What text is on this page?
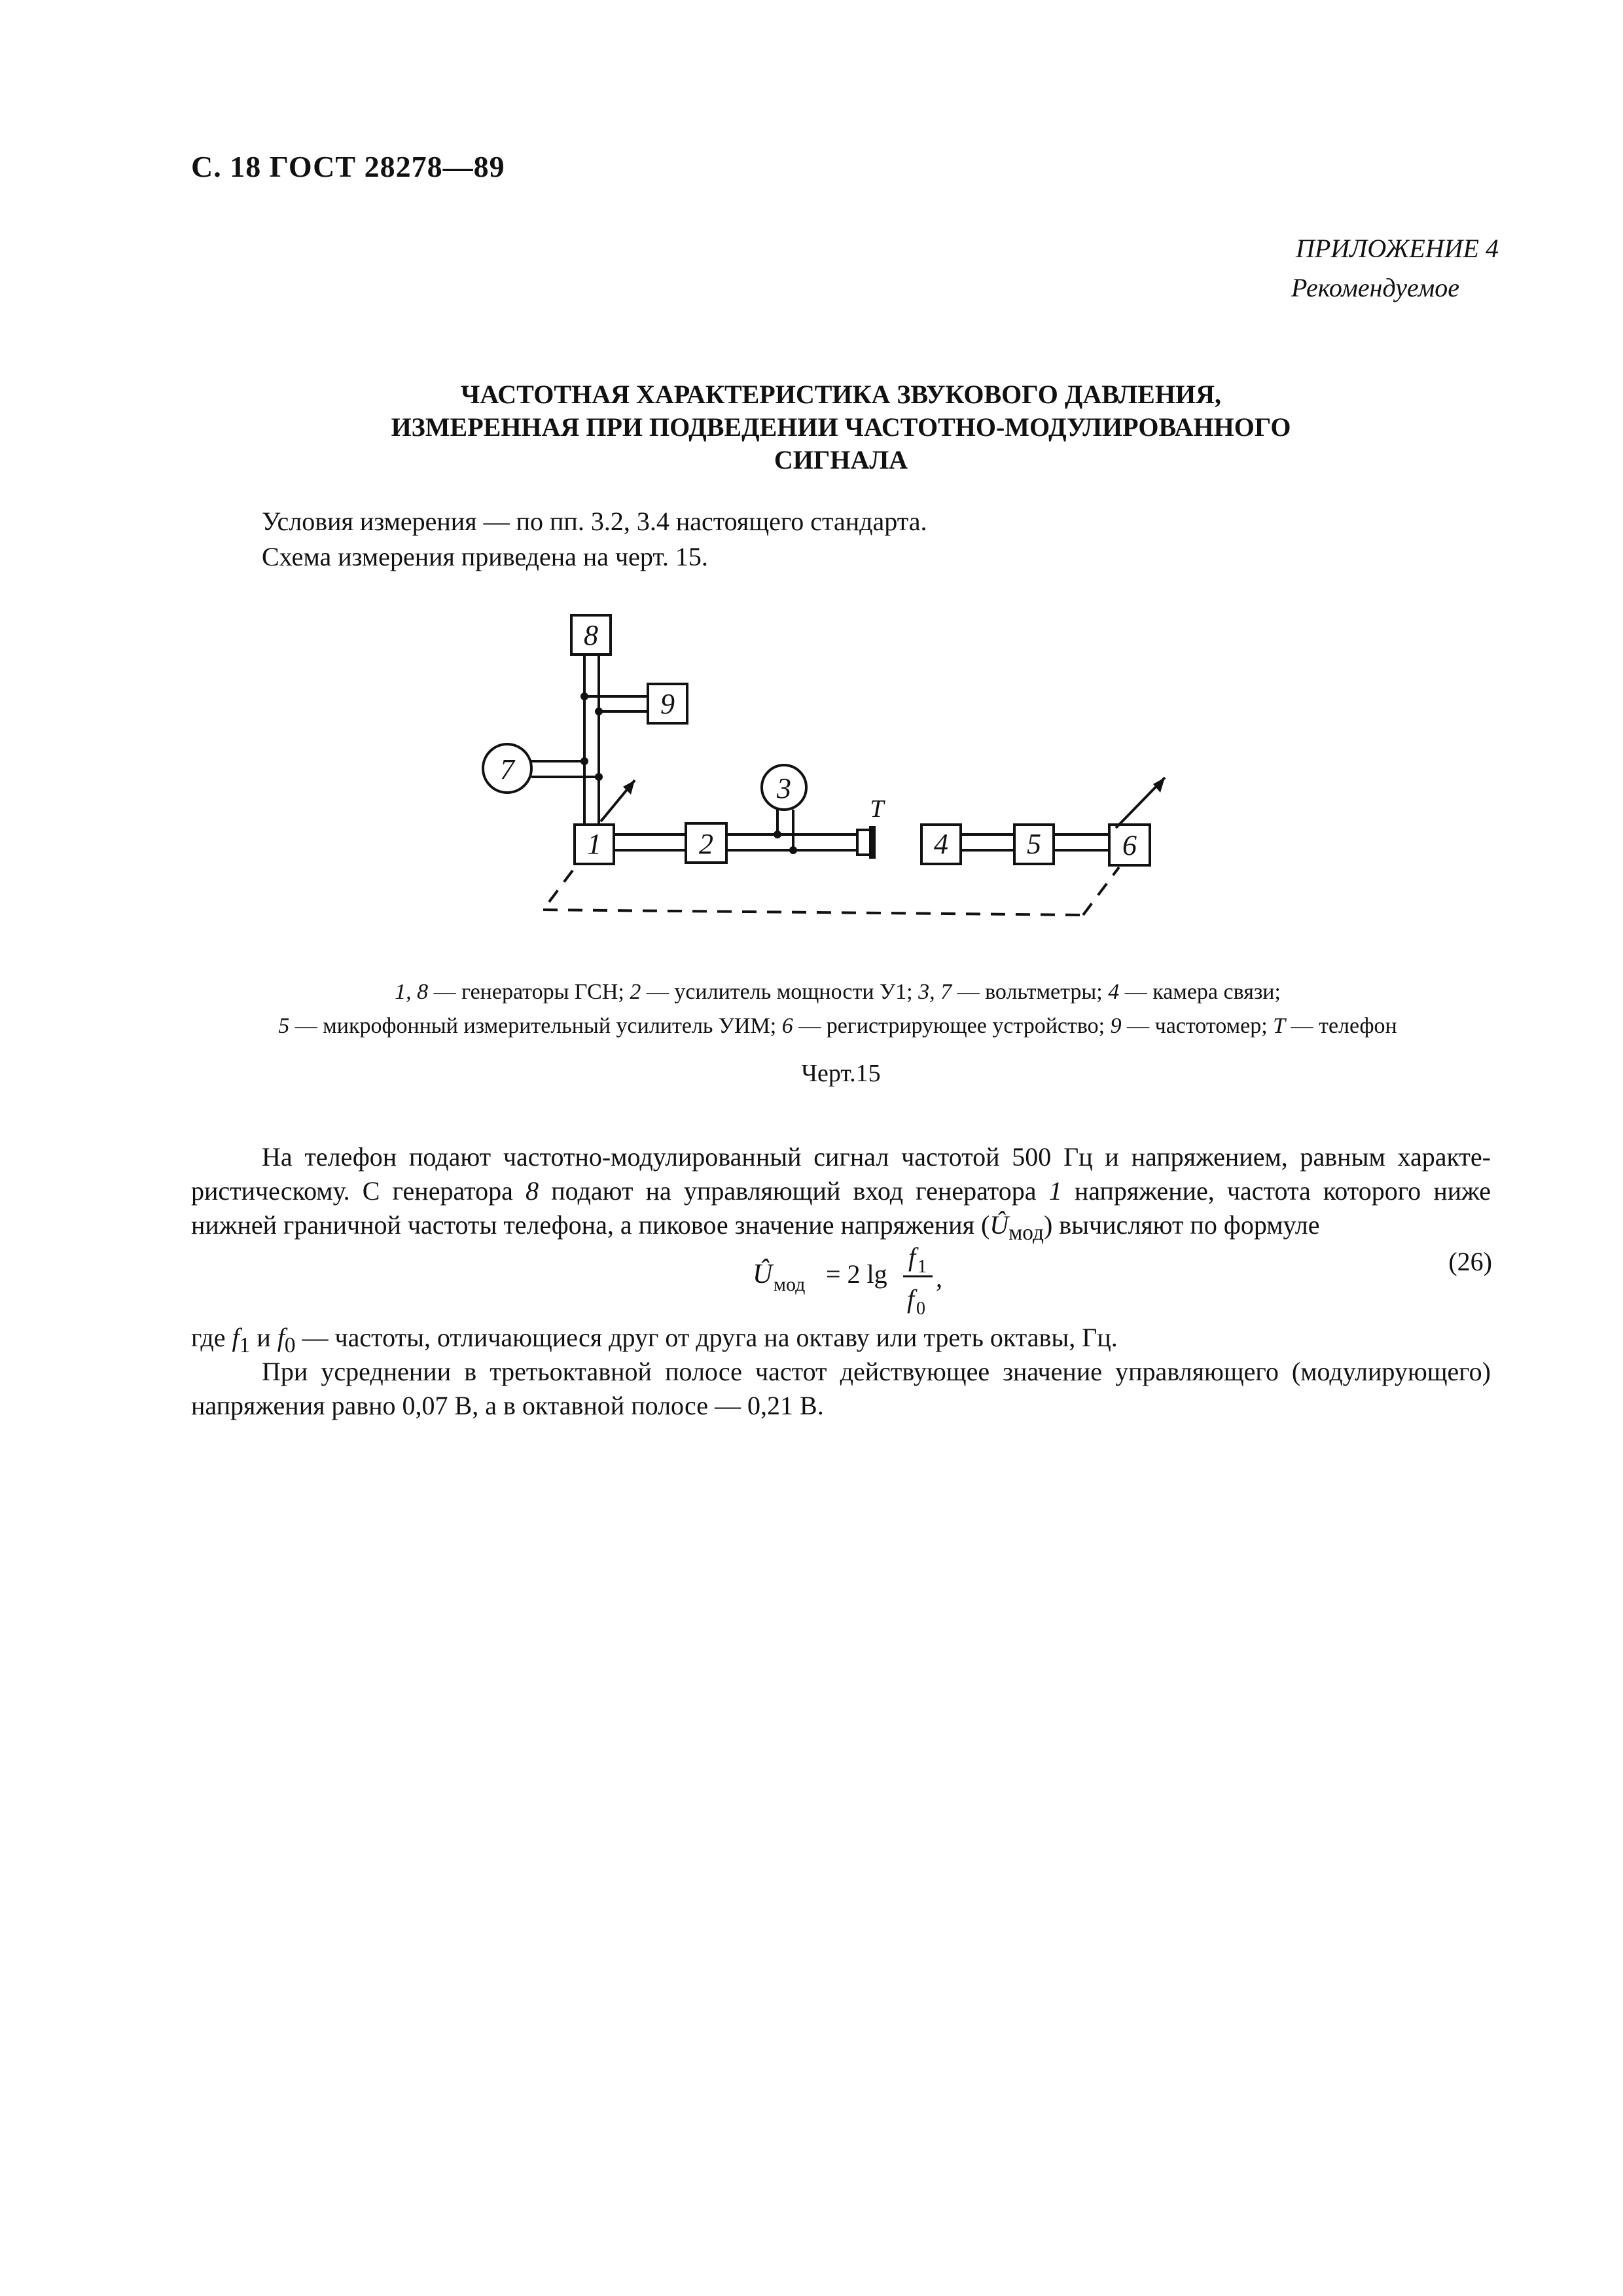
С. 18 ГОСТ 28278—89
ПРИЛОЖЕНИЕ 4
Рекомендуемое
ЧАСТОТНАЯ ХАРАКТЕРИСТИКА ЗВУКОВОГО ДАВЛЕНИЯ,
ИЗМЕРЕННАЯ ПРИ ПОДВЕДЕНИИ ЧАСТОТНО-МОДУЛИРОВАННОГО
СИГНАЛА
Условия измерения — по пп. 3.2, 3.4 настоящего стандарта.
Схема измерения приведена на черт. 15.
8
9
7
1	2
3
T
4	5	6
1, 8 — генераторы ГСН; 2 — усилитель мощности У1; 3, 7 — вольтметры; 4 — камера связи;
5 — микрофонный измерительный усилитель УИМ; 6 — регистрирующее устройство; 9 — частотомер; T — телефон
Черт.15
На телефон подают частотно-модулированный сигнал частотой 500 Гц и напряжением, равным характе-ристическому. С генератора 8 подают на управляющий вход генератора 1 напряжение, частота которого ниже нижней граничной частоты телефона, а пиковое значение напряжения $(Û_{мод})$ вычисляют по формуле
Û мод = 2 lg
f 1
f 0
,
(26)
где $f_1$ и $f_0$ — частоты, отличающиеся друг от друга на октаву или треть октавы, Гц.
При усреднении в третьоктавной полосе частот действующее значение управляющего (модулирующего) напряжения равно 0,07 В, а в октавной полосе — 0,21 В.
